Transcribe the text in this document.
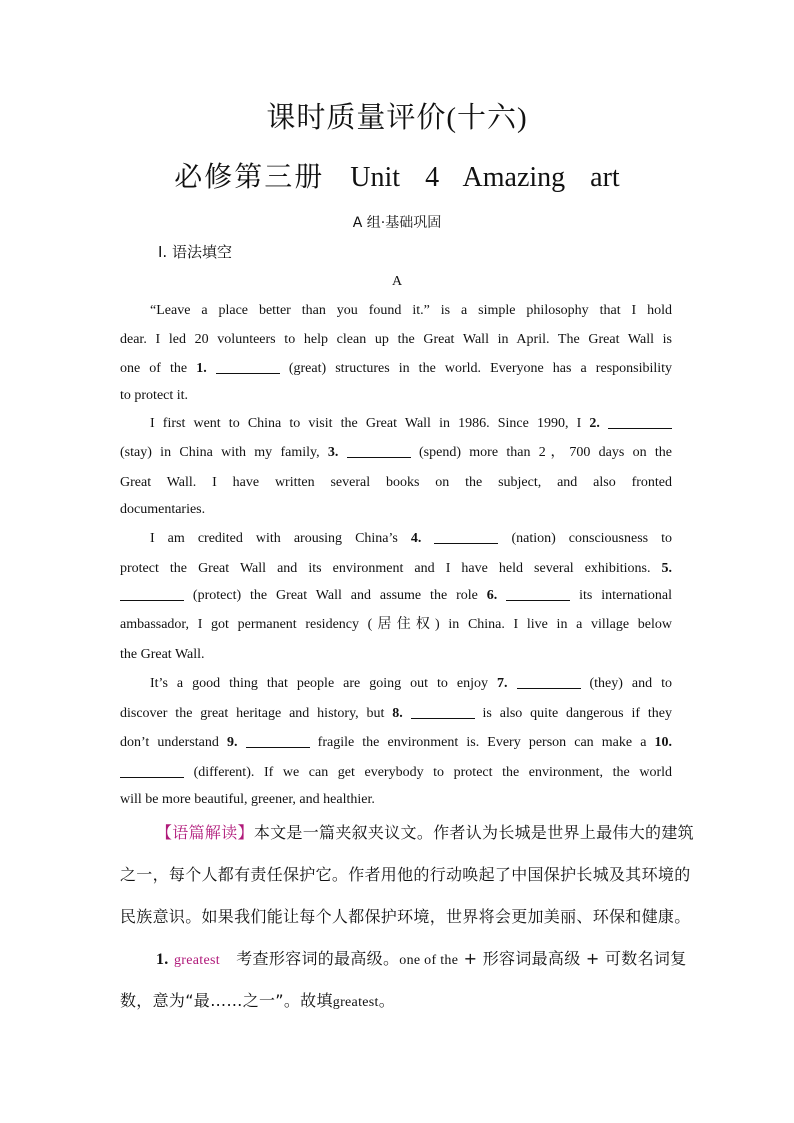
课时质量评价(十六)
必修第三册 Unit 4 Amazing art
A 组·基础巩固
Ⅰ. 语法填空
A
“Leave a place better than you found it.” is a simple philosophy that I hold
dear. I led 20 volunteers to help clean up the Great Wall in April. The Great Wall is
one of the 1.	(great) structures in the world. Everyone has a responsibility
to protect it.
I first went to China to visit the Great Wall in 1986. Since 1990, I 2.
(stay) in China with my family, 3.	(spend) more than 2，700 days on the
Great Wall. I have written several books on the subject, and also fronted
documentaries.
I am credited with arousing China’s 4.	(nation) consciousness to
protect the Great Wall and its environment and I have held several exhibitions. 5.
(protect) the Great Wall and assume the role 6.	its international
ambassador, I got permanent residency (居住权) in China. I live in a village below
the Great Wall.
It’s a good thing that people are going out to enjoy 7.	(they) and to
discover the great heritage and history, but 8.	is also quite dangerous if they
don’t understand 9.	fragile the environment is. Every person can make a 10.
(different). If we can get everybody to protect the environment, the world
will be more beautiful, greener, and healthier.
【语篇解读】本文是一篇夹叙夹议文。作者认为长城是世界上最伟大的建筑
之一，每个人都有责任保护它。作者用他的行动唤起了中国保护长城及其环境的
民族意识。如果我们能让每个人都保护环境，世界将会更加美丽、环保和健康。
1. greatest　 考查形容词的最高级。one of the + 形容词最高级 + 可数名词复
数，意为“最……之一”。故填greatest。
